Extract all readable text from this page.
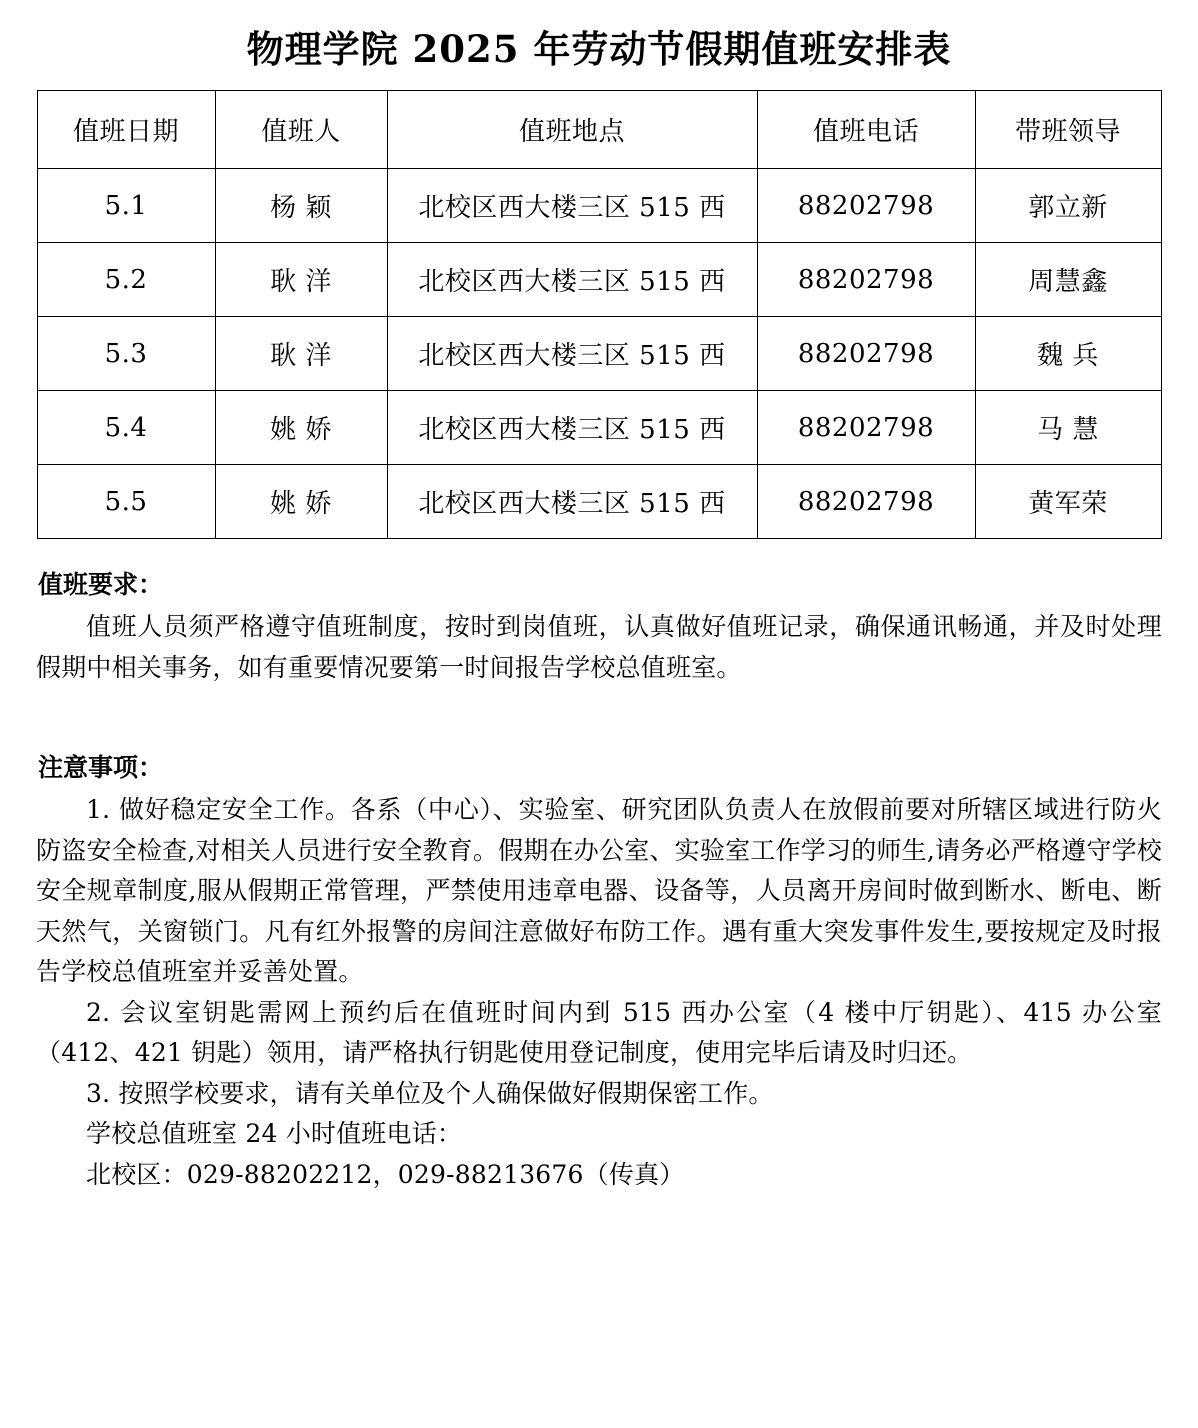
物理学院 2025 年劳动节假期值班安排表
值班日期	值班人	值班地点	值班电话	带班领导
5.1	杨 颖	北校区西大楼三区 515 西	88202798	郭立新
5.2	耿 洋	北校区西大楼三区 515 西	88202798	周慧鑫
5.3	耿 洋	北校区西大楼三区 515 西	88202798	魏 兵
5.4	姚 娇	北校区西大楼三区 515 西	88202798	马 慧
5.5	姚 娇	北校区西大楼三区 515 西	88202798	黄军荣
值班要求：

值班人员须严格遵守值班制度，按时到岗值班，认真做好值班记录，确保通讯畅通，并及时处理假期中相关事务，如有重要情况要第一时间报告学校总值班室。

注意事项：

1. 做好稳定安全工作。各系（中心）、实验室、研究团队负责人在放假前要对所辖区域进行防火防盗安全检查,对相关人员进行安全教育。假期在办公室、实验室工作学习的师生,请务必严格遵守学校安全规章制度,服从假期正常管理，严禁使用违章电器、设备等，人员离开房间时做到断水、断电、断天然气，关窗锁门。凡有红外报警的房间注意做好布防工作。遇有重大突发事件发生,要按规定及时报告学校总值班室并妥善处置。

2. 会议室钥匙需网上预约后在值班时间内到 515 西办公室（4 楼中厅钥匙）、415 办公室（412、421 钥匙）领用，请严格执行钥匙使用登记制度，使用完毕后请及时归还。

3. 按照学校要求，请有关单位及个人确保做好假期保密工作。

学校总值班室 24 小时值班电话：

北校区：029-88202212，029-88213676（传真）
